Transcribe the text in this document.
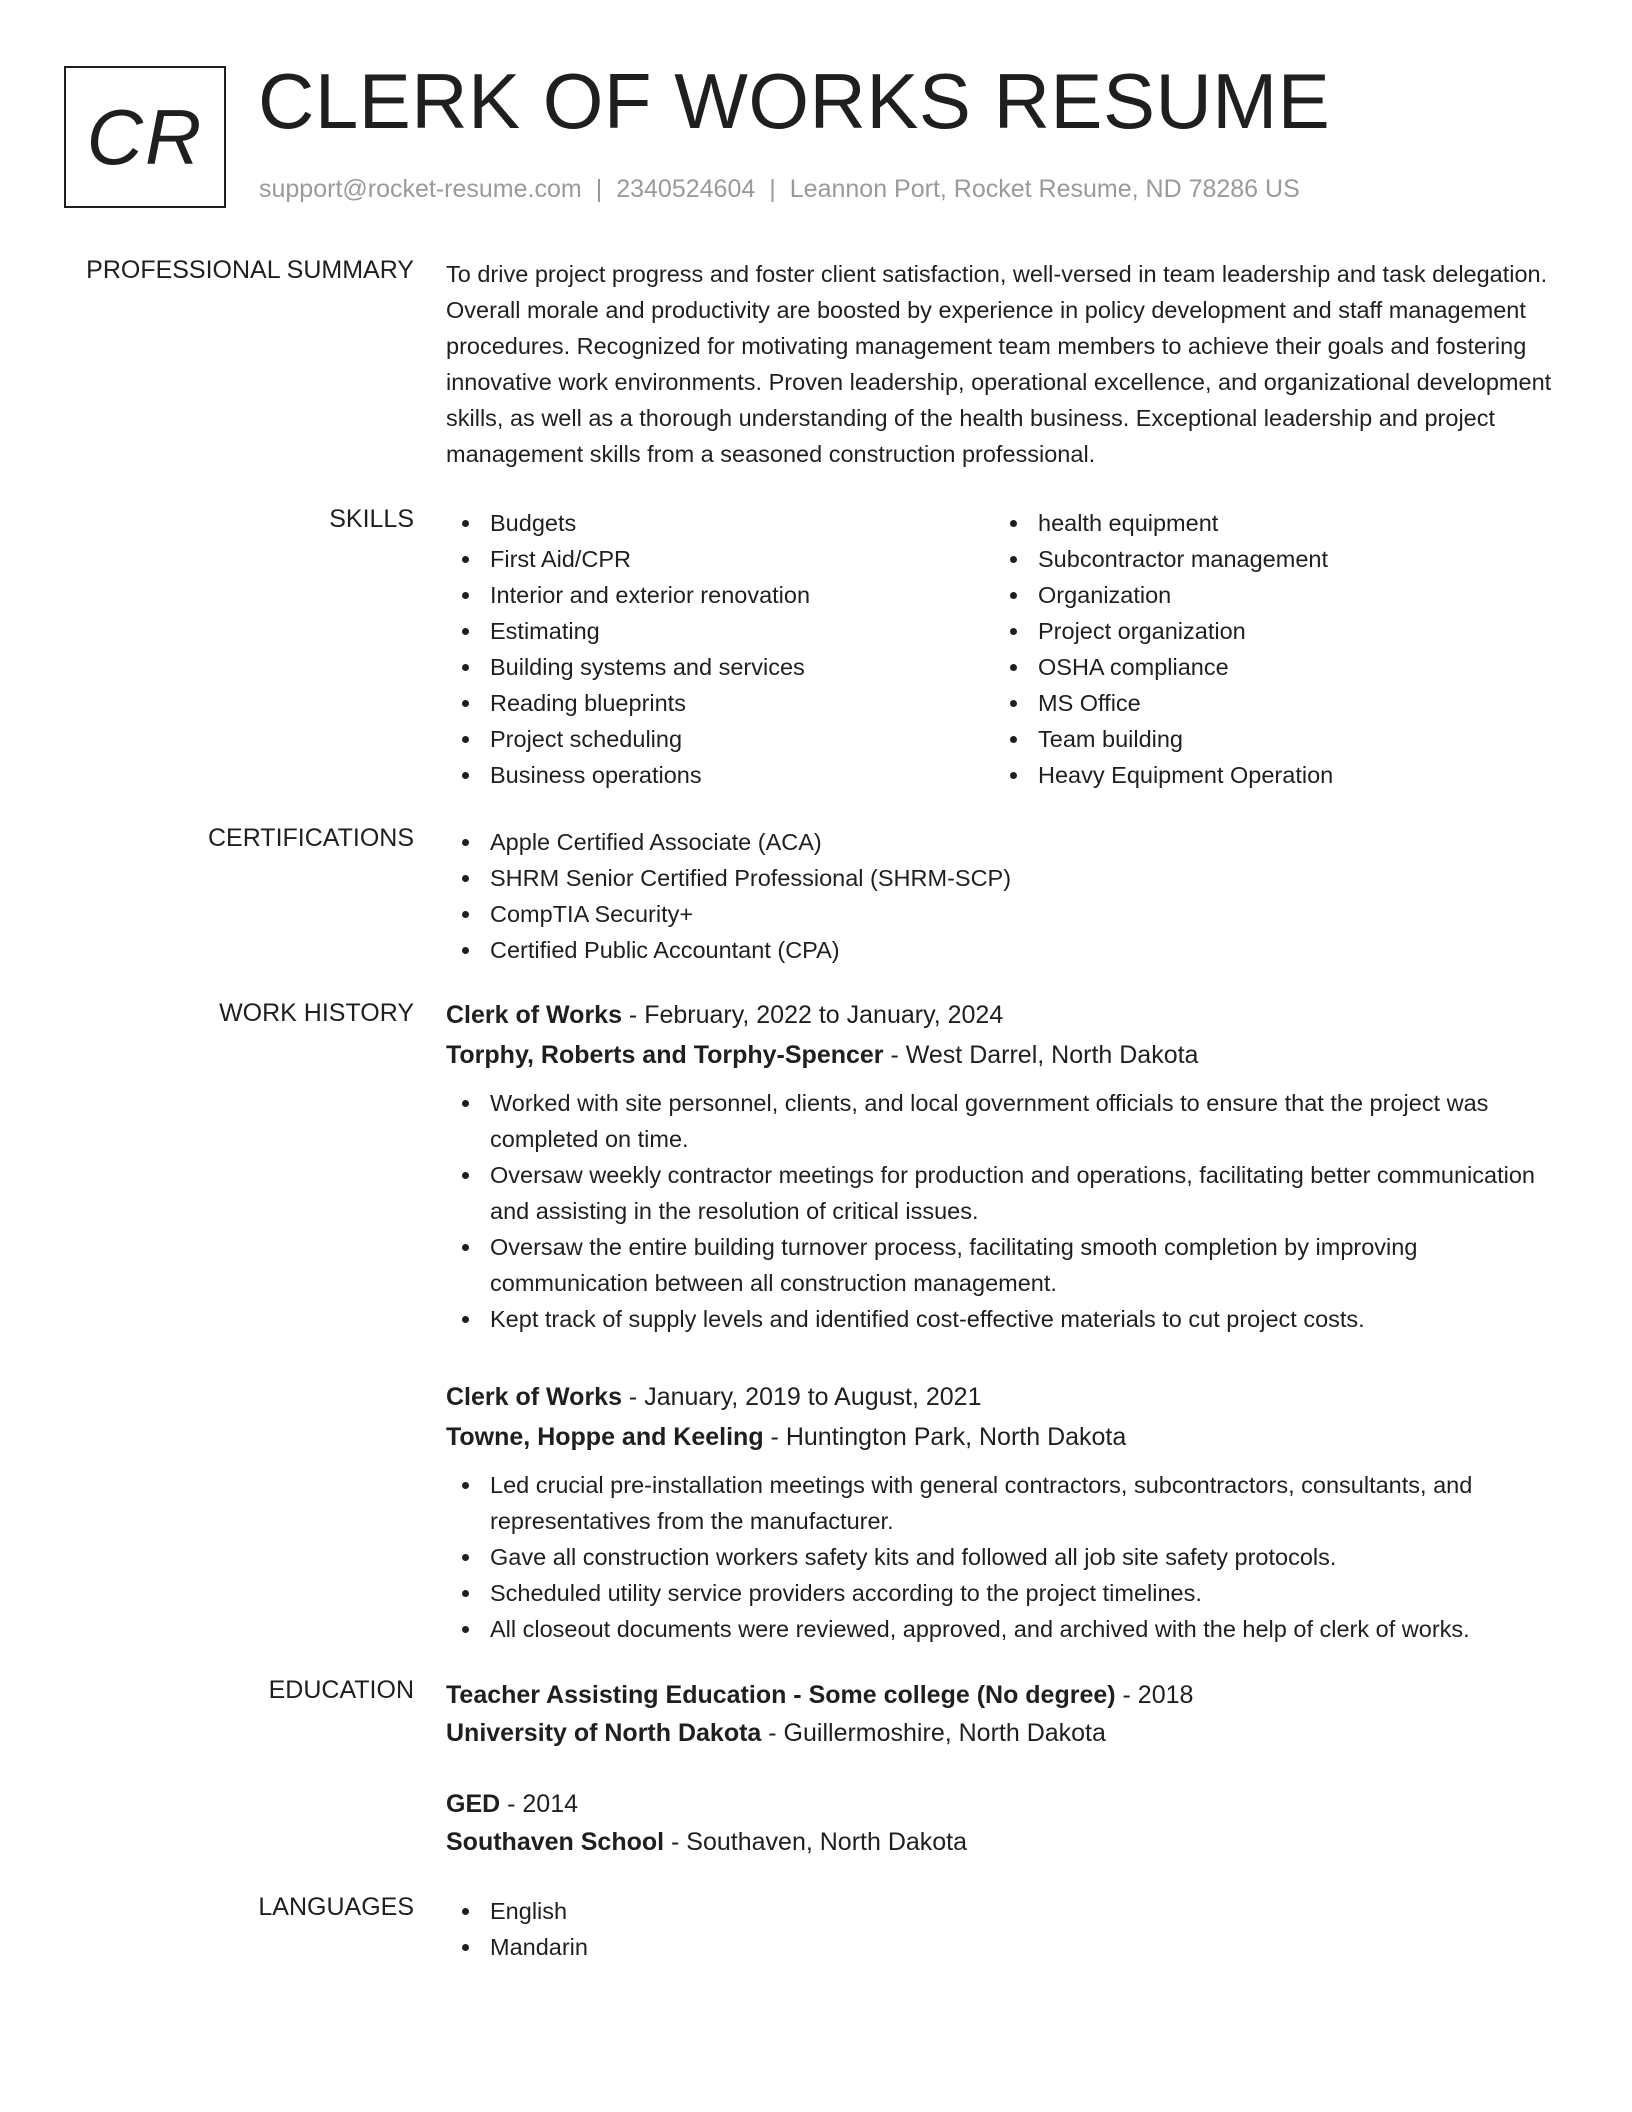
CR CLERK OF WORKS RESUME
support@rocket-resume.com | 2340524604 | Leannon Port, Rocket Resume, ND 78286 US
PROFESSIONAL SUMMARY To drive project progress and foster client satisfaction, well-versed in team leadership and task delegation. Overall morale and productivity are boosted by experience in policy development and staff management procedures. Recognized for motivating management team members to achieve their goals and fostering innovative work environments. Proven leadership, operational excellence, and organizational development skills, as well as a thorough understanding of the health business. Exceptional leadership and project management skills from a seasoned construction professional.
SKILLS	Budgets
First Aid/CPR
Interior and exterior renovation
Estimating
Building systems and services
Reading blueprints
Project scheduling
Business operations
health equipment
Subcontractor management
Organization
Project organization
OSHA compliance
MS Office
Team building
Heavy Equipment Operation
CERTIFICATIONS	Apple Certified Associate (ACA)
SHRM Senior Certified Professional (SHRM-SCP)
CompTIA Security+
Certified Public Accountant (CPA)
WORK HISTORY Clerk of Works - February, 2022 to January, 2024
Torphy, Roberts and Torphy-Spencer - West Darrel, North Dakota
Worked with site personnel, clients, and local government officials to ensure that the project was completed on time.
Oversaw weekly contractor meetings for production and operations, facilitating better communication and assisting in the resolution of critical issues.
Oversaw the entire building turnover process, facilitating smooth completion by improving communication between all construction management.
Kept track of supply levels and identified cost-effective materials to cut project costs.
Clerk of Works - January, 2019 to August, 2021
Towne, Hoppe and Keeling - Huntington Park, North Dakota
Led crucial pre-installation meetings with general contractors, subcontractors, consultants, and representatives from the manufacturer.
Gave all construction workers safety kits and followed all job site safety protocols.
Scheduled utility service providers according to the project timelines.
All closeout documents were reviewed, approved, and archived with the help of clerk of works.
EDUCATION Teacher Assisting Education - Some college (No degree) - 2018
University of North Dakota - Guillermoshire, North Dakota
GED - 2014
Southaven School - Southaven, North Dakota
LANGUAGES	English
Mandarin
